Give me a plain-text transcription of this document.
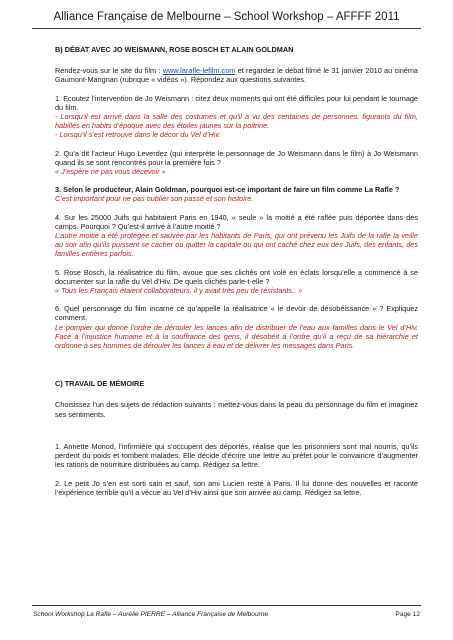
Alliance Française de Melbourne – School Workshop – AFFFF 2011

B) DÉBAT AVEC JO WEISMANN, ROSE BOSCH ET ALAIN GOLDMAN

Rendez-vous sur le site du film : www.larafle-lefilm.com et regardez le débat filmé le 31 janvier 2010 au cinéma Gaumont-Marignan (rubrique « vidéos »). Répondez aux questions suivantes.

1. Ecoutez l’intervention de Jo Weismann : citez deux moments qui ont été difficiles pour lui pendant le tournage du film.
- Lorsqu’il est arrivé dans la salle des costumes et qu’il a vu des centaines de personnes, figurants du film, habillés en habits d’époque avec des étoiles jaunes sur la poitrine.
- Lorsqu’il s’est retrouvé dans le décor du Vel d’Hiv.

2. Qu’a dit l’acteur Hugo Leverdez (qui interprète le personnage de Jo Weismann dans le film) à Jo Weismann quand ils se sont rencontrés pour la première fois ?
« J’espère ne pas vous décevoir »

3. Selon le producteur, Alain Goldman, pourquoi est-ce important de faire un film comme La Rafle ?
C’est important pour ne pas oublier son passé et son histoire.

4. Sur les 25000 Juifs qui habitaient Paris en 1940, « seule » la moitié a été raflée puis déportée dans des camps. Pourquoi ? Qu’est-il arrivé à l’autre moitié ?
L’autre moitié a été protégée et sauvée par les habitants de Paris, qui ont prévenu les Juifs de la rafle la veille au soir afin qu’ils puissent se cacher ou quitter la capitale ou qui ont caché chez eux des Juifs, des enfants, des familles entières parfois.

5. Rose Bosch, la réalisatrice du film, avoue que ses clichés ont volé en éclats lorsqu’elle a commencé à se documenter sur la rafle du Vel d’Hiv. De quels clichés parle-t-elle ?
« Tous les Français étaient collaborateurs, il y avait très peu de résistants.. »

6. Quel personnage du film incarne ce qu’appelle la réalisatrice « le devoir de désobéissance » ? Expliquez comment.
Le pompier qui donne l’ordre de dérouler les lances afin de distribuer de l’eau aux familles dans le Vel d’Hiv. Face à l’injustice humaine et à la souffrance des gens, il désobéit à l’ordre qu’il a reçu de sa hiérarchie et ordonne à ses hommes de dérouler les lances à eau et de délivrer les messages dans Paris.

C) TRAVAIL DE MÉMOIRE

Choisissez l’un des sujets de rédaction suivants : mettez-vous dans la peau du personnage du film et imaginez ses sentiments.

1. Annette Monod, l’infirmière qui s’occupent des déportés, réalise que les prisonniers sont mal nourris, qu’ils perdent du poids et tombent malades. Elle décide d’écrire une lettre au préfet pour le convaincre d’augmenter les rations de nourriture distribuées au camp. Rédigez sa lettre.

2. Le petit Jo s’en est sorti sain et sauf, son ami Lucien resté à Paris. Il lui donne des nouvelles et raconte l’expérience terrible qu’il a vécue au Vel d’Hiv ainsi que son arrivée au camp. Rédigez sa lettre.

School Workshop La Rafle – Aurélie PIERRE – Alliance Française de Melbourne	Page 12
